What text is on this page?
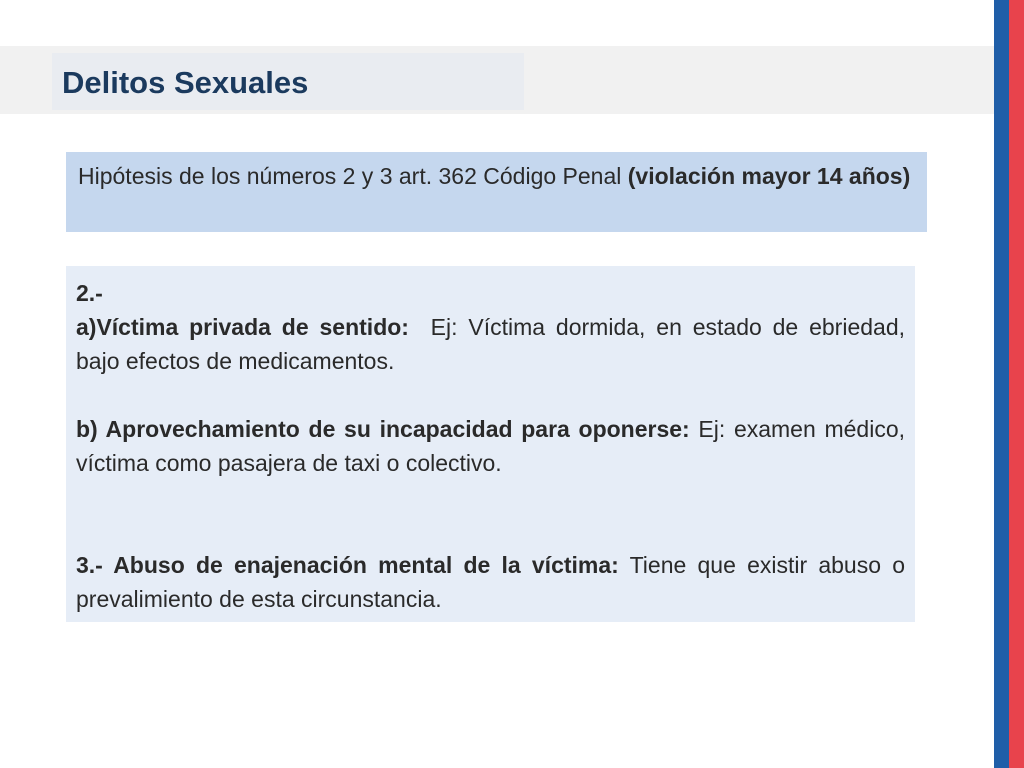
Delitos Sexuales
Hipótesis de los números 2 y 3 art. 362 Código Penal (violación mayor 14 años)

2.-

a)Víctima privada de sentido:  Ej: Víctima dormida, en estado de ebriedad, bajo efectos de medicamentos.

b) Aprovechamiento de su incapacidad para oponerse: Ej: examen médico, víctima como pasajera de taxi o colectivo.

3.- Abuso de enajenación mental de la víctima: Tiene que existir abuso o prevalimiento de esta circunstancia.
